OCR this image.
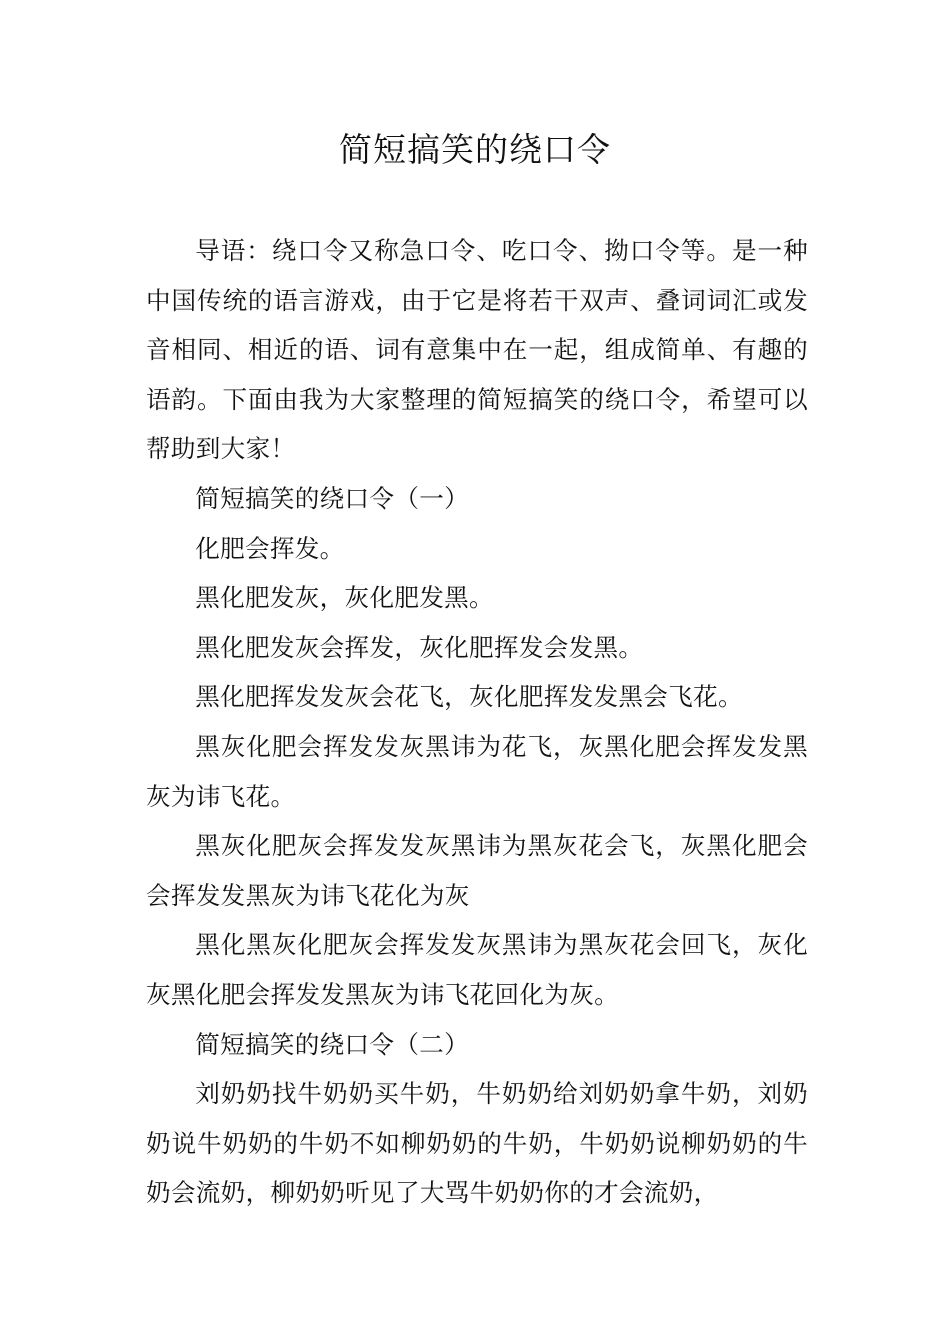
简短搞笑的绕口令

导语：绕口令又称急口令、吃口令、拗口令等。是一种中国传统的语言游戏，由于它是将若干双声、叠词词汇或发音相同、相近的语、词有意集中在一起，组成简单、有趣的语韵。下面由我为大家整理的简短搞笑的绕口令，希望可以帮助到大家！

简短搞笑的绕口令（一）

化肥会挥发。

黑化肥发灰，灰化肥发黑。

黑化肥发灰会挥发，灰化肥挥发会发黑。

黑化肥挥发发灰会花飞，灰化肥挥发发黑会飞花。

黑灰化肥会挥发发灰黑讳为花飞，灰黑化肥会挥发发黑灰为讳飞花。

黑灰化肥灰会挥发发灰黑讳为黑灰花会飞，灰黑化肥会会挥发发黑灰为讳飞花化为灰

黑化黑灰化肥灰会挥发发灰黑讳为黑灰花会回飞，灰化灰黑化肥会挥发发黑灰为讳飞花回化为灰。

简短搞笑的绕口令（二）

刘奶奶找牛奶奶买牛奶，牛奶奶给刘奶奶拿牛奶，刘奶奶说牛奶奶的牛奶不如柳奶奶的牛奶，牛奶奶说柳奶奶的牛奶会流奶，柳奶奶听见了大骂牛奶奶你的才会流奶，
